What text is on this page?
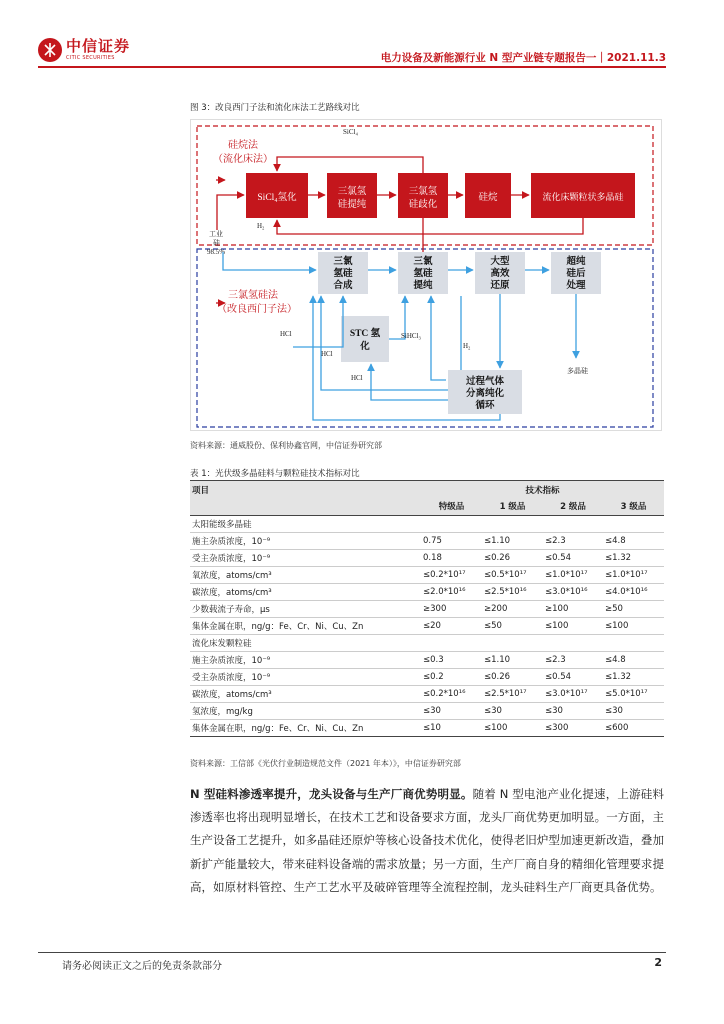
中信证券
CITIC SECURITIES	电力设备及新能源行业 N 型产业链专题报告一｜2021.11.3
图 3：改良西门子法和流化床法工艺路线对比
SiCl₄氢化
三氯氢
硅提纯
三氯氢
硅歧化
硅烷	流化床颗粒状多晶硅
SiCl₄
H₂
工业
硅
98.5%
硅烷法
（流化床法）
三氯氢硅法
（改良西门子法）
三氯
氢硅
合成
三氯
氢硅
提纯
大型
高效
还原
超纯
硅后
处理
STC 氢
化
过程气体
分离纯化
循环
HCl
HCl
HCl
SiHCl₃
H₂
多晶硅
资料来源：通威股份、保利协鑫官网，中信证券研究部
表 1：光伏级多晶硅料与颗粒硅技术指标对比
项目	技术指标			
	特级品	1 级品	2 级品	3 级品
太阳能级多晶硅				
施主杂质浓度，10⁻⁹	0.75	≤1.10	≤2.3	≤4.8
受主杂质浓度，10⁻⁹	0.18	≤0.26	≤0.54	≤1.32
氧浓度，atoms/cm³	≤0.2*10¹⁷	≤0.5*10¹⁷	≤1.0*10¹⁷	≤1.0*10¹⁷
碳浓度，atoms/cm³	≤2.0*10¹⁶	≤2.5*10¹⁶	≤3.0*10¹⁶	≤4.0*10¹⁶
少数载流子寿命，μs	≥300	≥200	≥100	≥50
集体金属在职，ng/g：Fe、Cr、Ni、Cu、Zn	≤20	≤50	≤100	≤100
流化床发颗粒硅				
施主杂质浓度，10⁻⁹	≤0.3	≤1.10	≤2.3	≤4.8
受主杂质浓度，10⁻⁹	≤0.2	≤0.26	≤0.54	≤1.32
碳浓度，atoms/cm³	≤0.2*10¹⁶	≤2.5*10¹⁷	≤3.0*10¹⁷	≤5.0*10¹⁷
氢浓度，mg/kg	≤30	≤30	≤30	≤30
集体金属在职，ng/g：Fe、Cr、Ni、Cu、Zn	≤10	≤100	≤300	≤600
资料来源：工信部《光伏行业制造规范文件（2021 年本）》，中信证券研究部
N 型硅料渗透率提升，龙头设备与生产厂商优势明显。随着 N 型电池产业化提速，上游硅料渗透率也将出现明显增长，在技术工艺和设备要求方面，龙头厂商优势更加明显。一方面，主生产设备工艺提升，如多晶硅还原炉等核心设备技术优化，使得老旧炉型加速更新改造，叠加新扩产能量较大，带来硅料设备端的需求放量；另一方面，生产厂商自身的精细化管理要求提高，如原材料管控、生产工艺水平及破碎管理等全流程控制，龙头硅料生产厂商更具备优势。
请务必阅读正文之后的免责条款部分	2
